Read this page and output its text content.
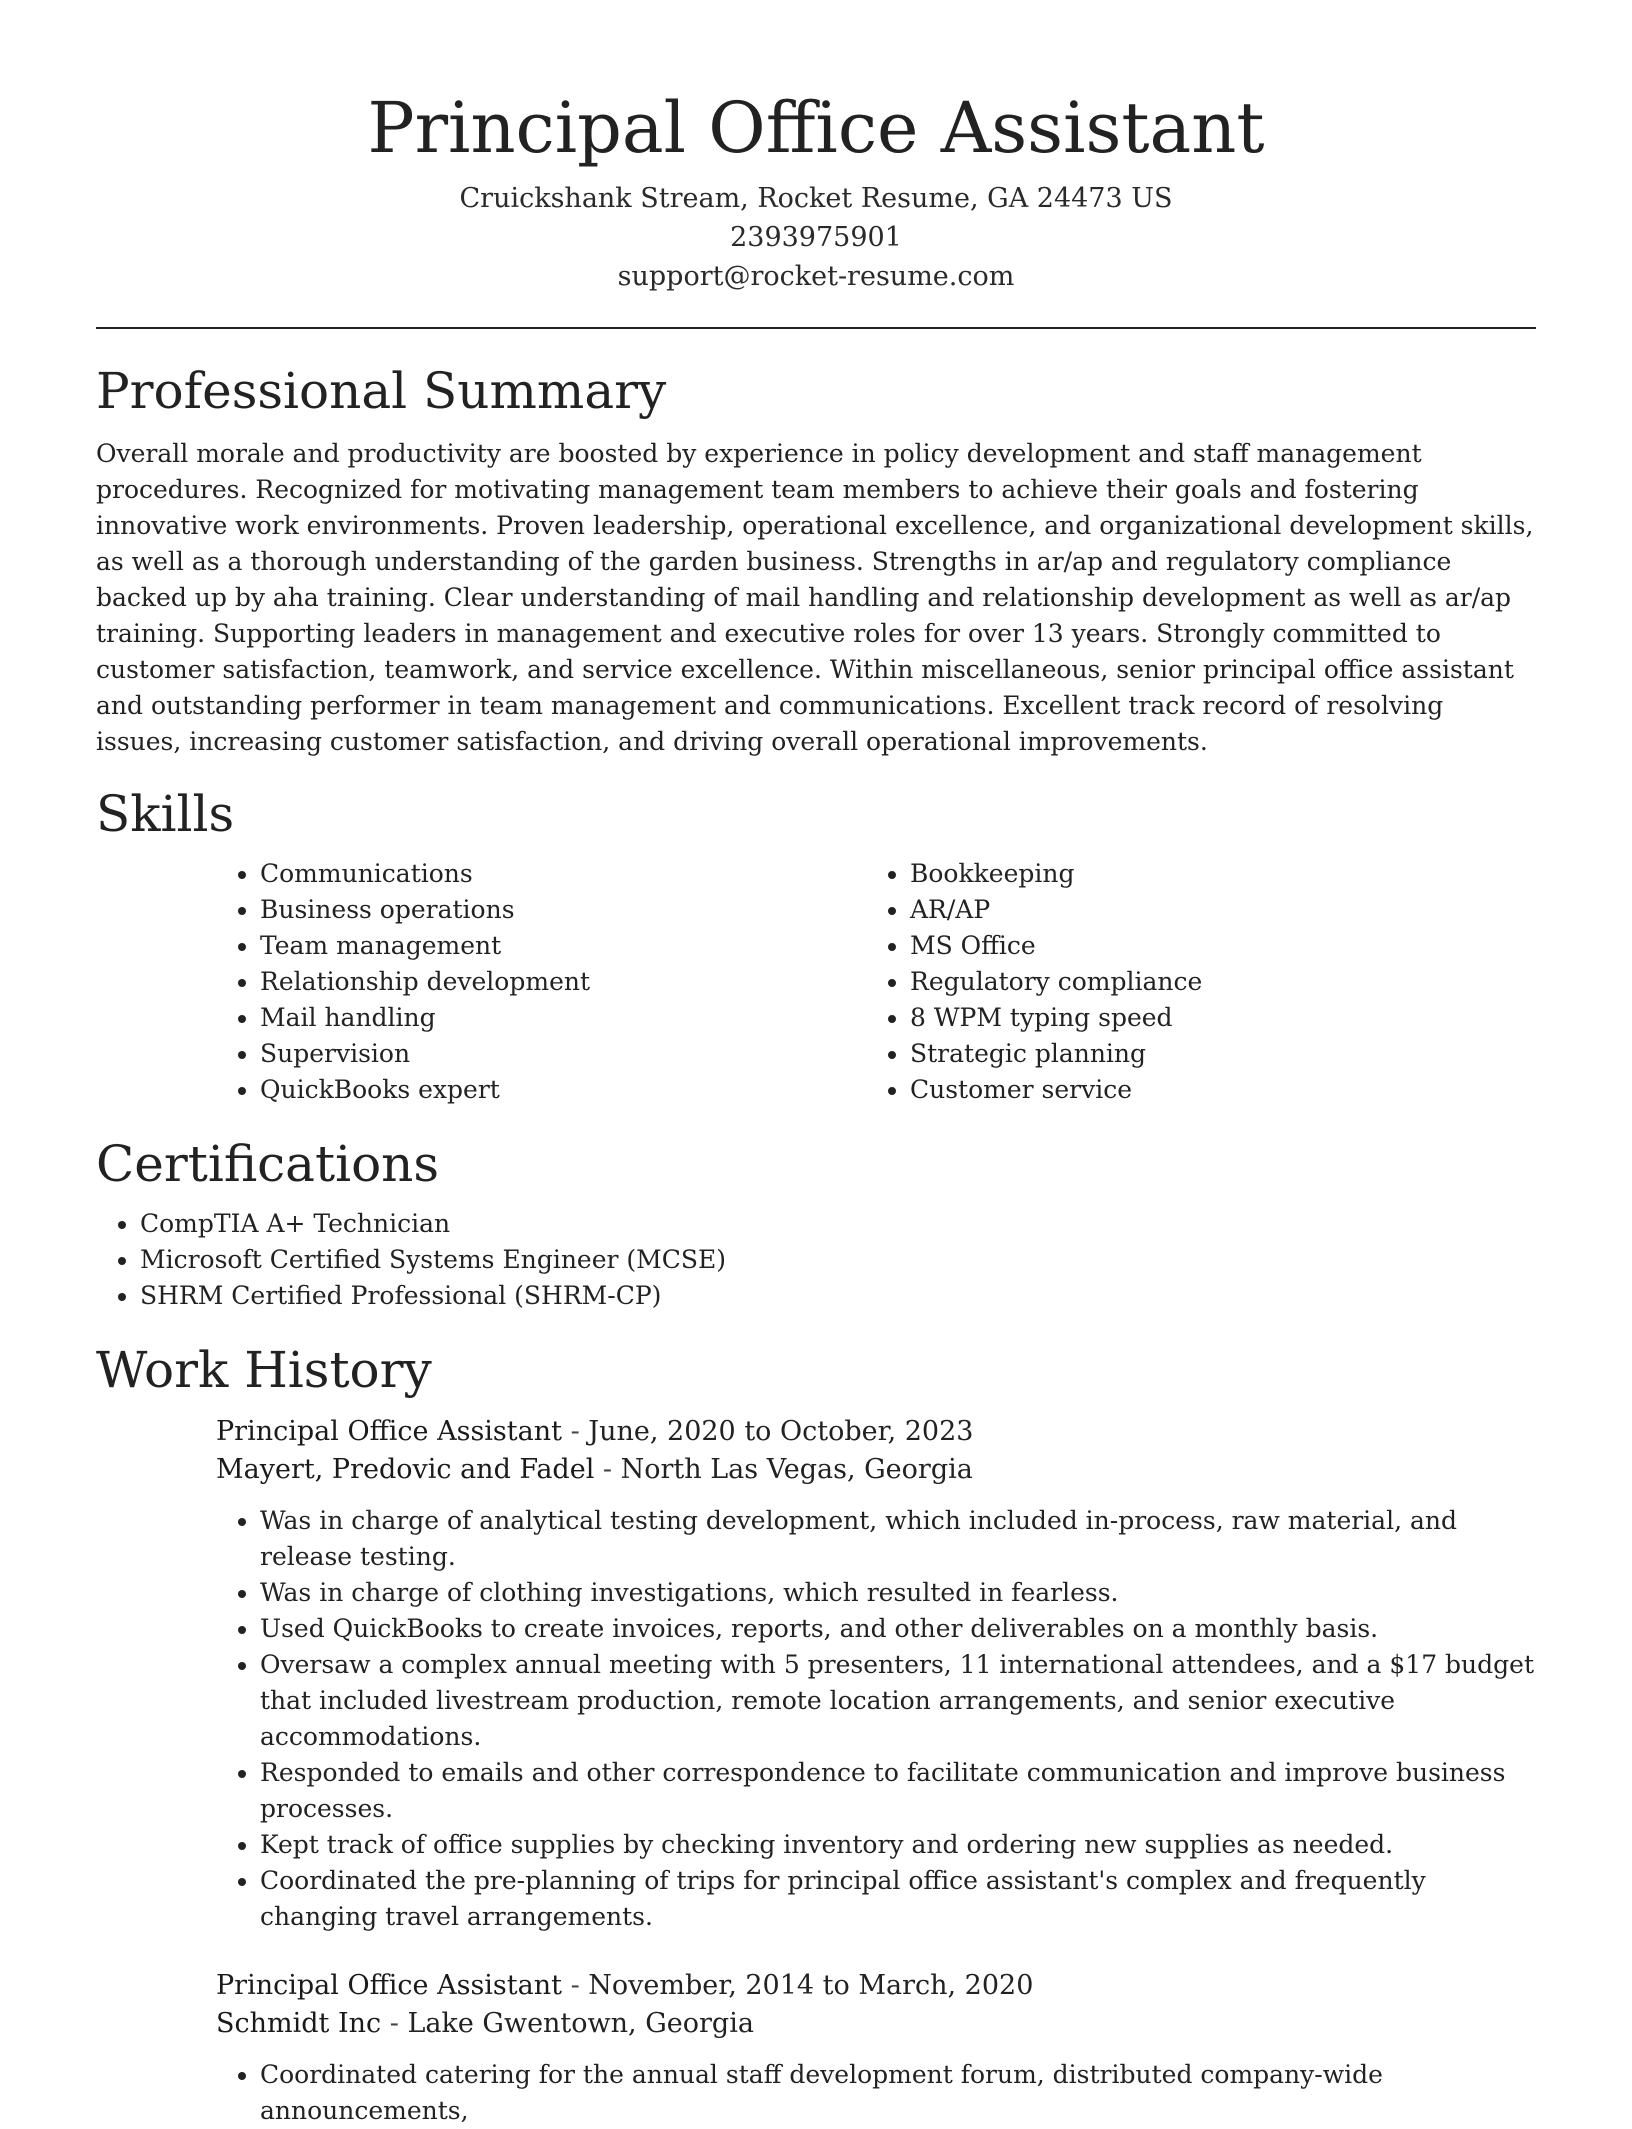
Principal Office Assistant
Cruickshank Stream, Rocket Resume, GA 24473 US
2393975901
support@rocket-resume.com
Professional Summary

Overall morale and productivity are boosted by experience in policy development and staff management procedures. Recognized for motivating management team members to achieve their goals and fostering innovative work environments. Proven leadership, operational excellence, and organizational development skills, as well as a thorough understanding of the garden business. Strengths in ar/ap and regulatory compliance backed up by aha training. Clear understanding of mail handling and relationship development as well as ar/ap training. Supporting leaders in management and executive roles for over 13 years. Strongly committed to customer satisfaction, teamwork, and service excellence. Within miscellaneous, senior principal office assistant and outstanding performer in team management and communications. Excellent track record of resolving issues, increasing customer satisfaction, and driving overall operational improvements.

Skills
• Communications
• Business operations
• Team management
• Relationship development
• Mail handling
• Supervision
• QuickBooks expert
• Bookkeeping
• AR/AP
• MS Office
• Regulatory compliance
• 8 WPM typing speed
• Strategic planning
• Customer service
Certifications
• CompTIA A+ Technician
• Microsoft Certified Systems Engineer (MCSE)
• SHRM Certified Professional (SHRM-CP)
Work History
Principal Office Assistant - June, 2020 to October, 2023
Mayert, Predovic and Fadel - North Las Vegas, Georgia
• Was in charge of analytical testing development, which included in-process, raw material, and release testing.
• Was in charge of clothing investigations, which resulted in fearless.
• Used QuickBooks to create invoices, reports, and other deliverables on a monthly basis.
• Oversaw a complex annual meeting with 5 presenters, 11 international attendees, and a $17 budget that included livestream production, remote location arrangements, and senior executive accommodations.
• Responded to emails and other correspondence to facilitate communication and improve business processes.
• Kept track of office supplies by checking inventory and ordering new supplies as needed.
• Coordinated the pre-planning of trips for principal office assistant's complex and frequently changing travel arrangements.
Principal Office Assistant - November, 2014 to March, 2020
Schmidt Inc - Lake Gwentown, Georgia
• Coordinated catering for the annual staff development forum, distributed company-wide announcements,
